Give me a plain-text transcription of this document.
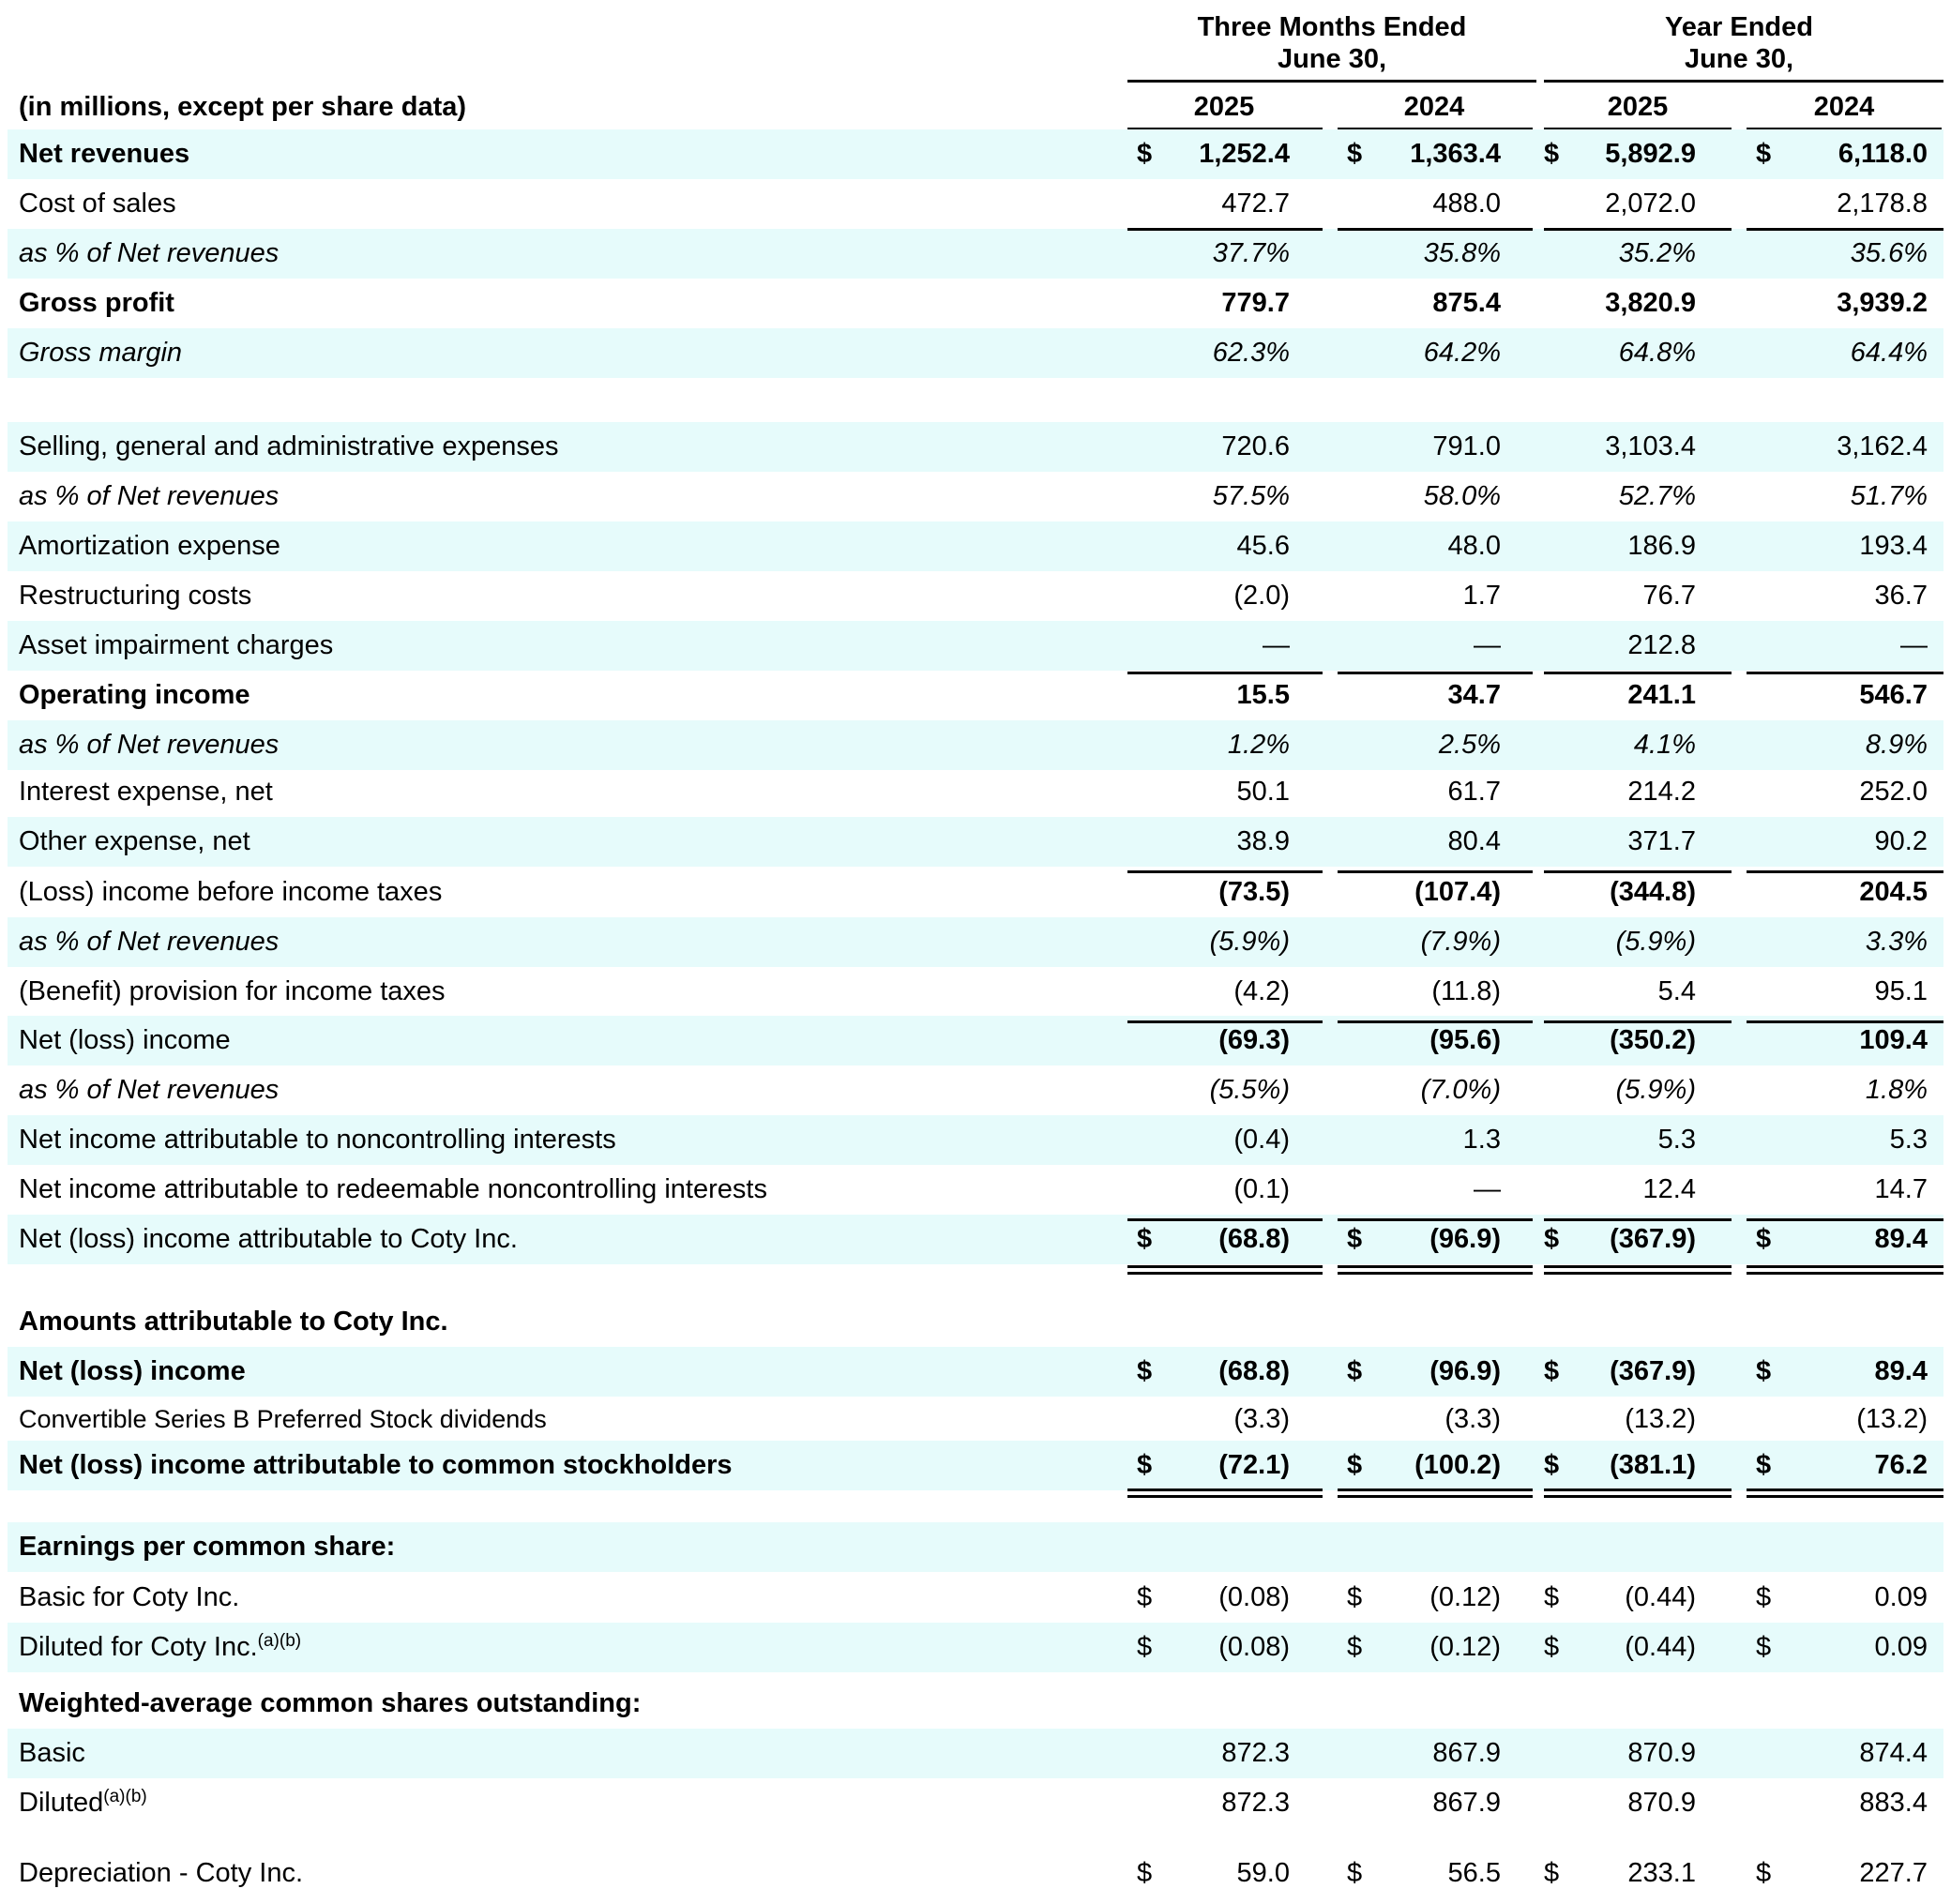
Three Months Ended
June 30,
Year Ended
June 30,
(in millions, except per share data)	2025	2024	2025	2024
Net revenues	$	1,252.4 $	1,363.4 $	5,892.9 $	6,118.0
Cost of sales	472.7	488.0	2,072.0	2,178.8
as % of Net revenues	37.7%	35.8%	35.2%	35.6%
Gross profit	779.7	875.4	3,820.9	3,939.2
Gross margin	62.3%	64.2%	64.8%	64.4%
Selling, general and administrative expenses	720.6	791.0	3,103.4	3,162.4
as % of Net revenues	57.5%	58.0%	52.7%	51.7%
Amortization expense	45.6	48.0	186.9	193.4
Restructuring costs	(2.0)	1.7	76.7	36.7
Asset impairment charges	—	—	212.8	—
Operating income	15.5	34.7	241.1	546.7
as % of Net revenues	1.2%	2.5%	4.1%	8.9%
Interest expense, net	50.1	61.7	214.2	252.0
Other expense, net	38.9	80.4	371.7	90.2
(Loss) income before income taxes	(73.5)	(107.4)	(344.8)	204.5
as % of Net revenues	(5.9%)	(7.9%)	(5.9%)	3.3%
(Benefit) provision for income taxes	(4.2)	(11.8)	5.4	95.1
Net (loss) income	(69.3)	(95.6)	(350.2)	109.4
as % of Net revenues	(5.5%)	(7.0%)	(5.9%)	1.8%
Net income attributable to noncontrolling interests	(0.4)	1.3	5.3	5.3
Net income attributable to redeemable noncontrolling interests	(0.1)	—	12.4	14.7
Net (loss) income attributable to Coty Inc.	$	(68.8) $	(96.9) $	(367.9) $	89.4
Amounts attributable to Coty Inc.
Net (loss) income	$	(68.8) $	(96.9) $	(367.9) $	89.4
Convertible Series B Preferred Stock dividends	(3.3)	(3.3)	(13.2)	(13.2)
Net (loss) income attributable to common stockholders	$	(72.1) $	(100.2) $	(381.1) $	76.2
Earnings per common share:
Basic for Coty Inc.	$	(0.08) $	(0.12) $	(0.44) $	0.09
Diluted for Coty Inc.$^{(a)(b)}$	$	(0.08) $	(0.12) $	(0.44) $	0.09
Weighted-average common shares outstanding:
Basic	872.3	867.9	870.9	874.4
Diluted$^{(a)(b)}$	872.3	867.9	870.9	883.4
Depreciation - Coty Inc.	$	59.0 $	56.5 $	233.1 $	227.7
